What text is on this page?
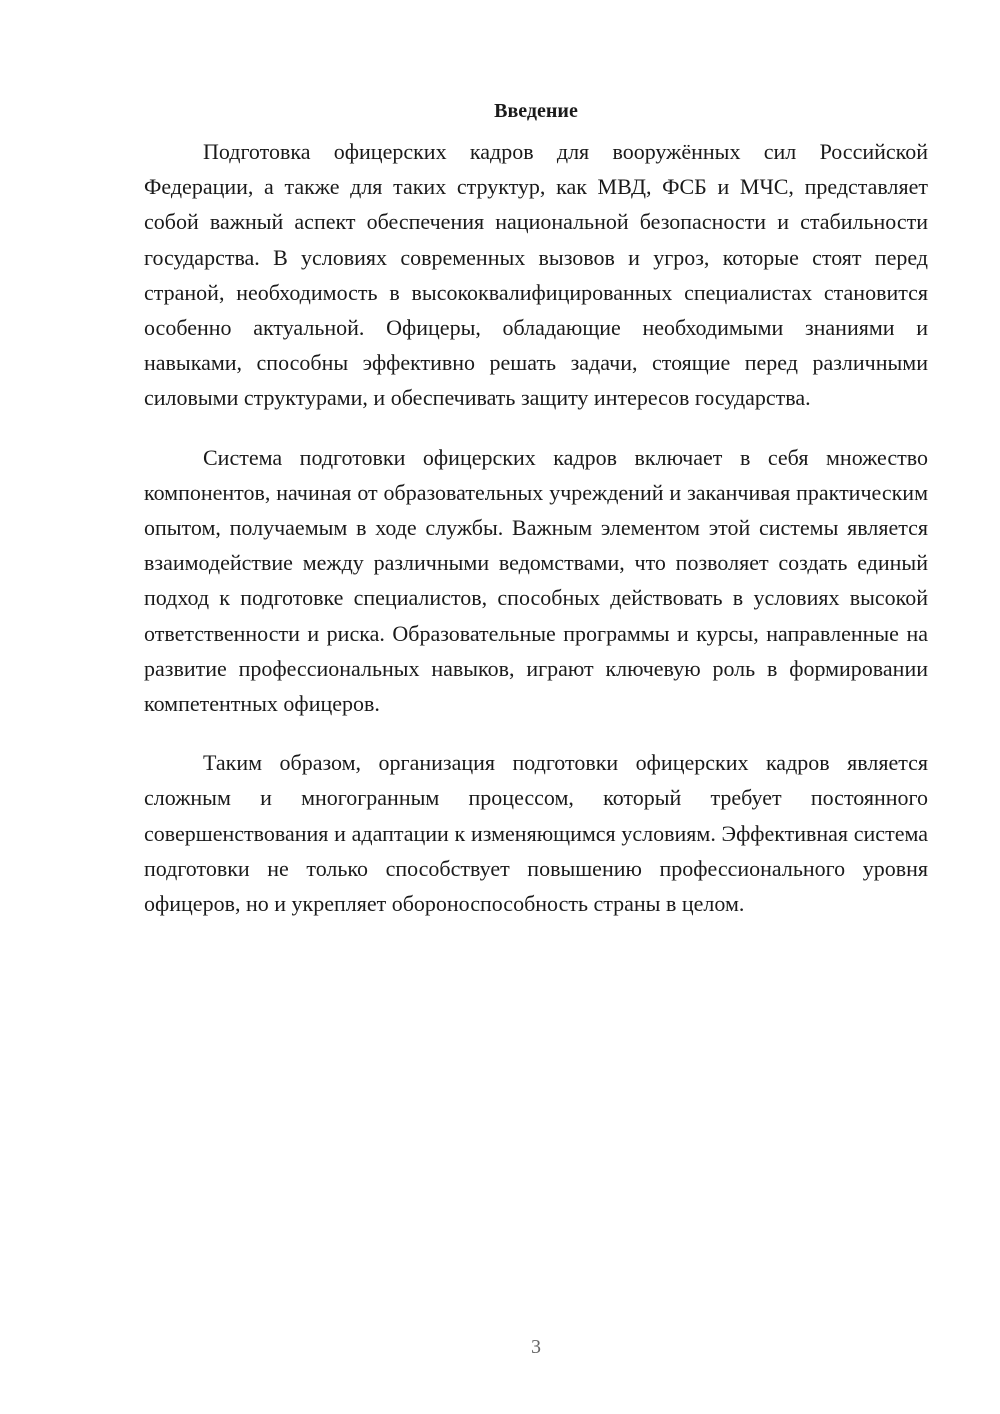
Введение

Подготовка офицерских кадров для вооружённых сил Российской Федерации, а также для таких структур, как МВД, ФСБ и МЧС, представляет собой важный аспект обеспечения национальной безопасности и стабильности государства. В условиях современных вызовов и угроз, которые стоят перед страной, необходимость в высококвалифицированных специалистах становится особенно актуальной. Офицеры, обладающие необходимыми знаниями и навыками, способны эффективно решать задачи, стоящие перед различными силовыми структурами, и обеспечивать защиту интересов государства.

Система подготовки офицерских кадров включает в себя множество компонентов, начиная от образовательных учреждений и заканчивая практическим опытом, получаемым в ходе службы. Важным элементом этой системы является взаимодействие между различными ведомствами, что позволяет создать единый подход к подготовке специалистов, способных действовать в условиях высокой ответственности и риска. Образовательные программы и курсы, направленные на развитие профессиональных навыков, играют ключевую роль в формировании компетентных офицеров.

Таким образом, организация подготовки офицерских кадров является сложным и многогранным процессом, который требует постоянного совершенствования и адаптации к изменяющимся условиям. Эффективная система подготовки не только способствует повышению профессионального уровня офицеров, но и укрепляет обороноспособность страны в целом.

3
